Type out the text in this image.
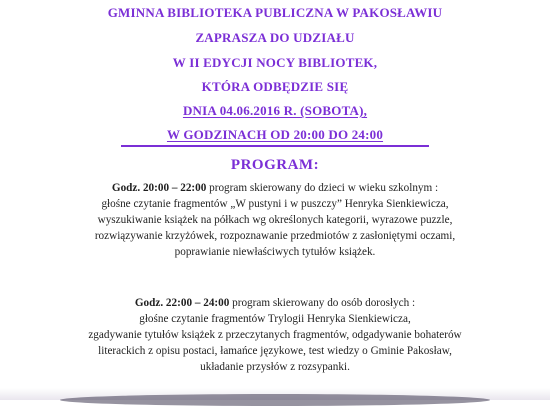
GMINNA BIBLIOTEKA PUBLICZNA W PAKOSŁAWIU
ZAPRASZA DO UDZIAŁU
W II EDYCJI NOCY BIBLIOTEK,
KTÓRA ODBĘDZIE SIĘ
DNIA 04.06.2016 R. (SOBOTA),
W GODZINACH OD 20:00 DO 24:00
PROGRAM:
Godz. 20:00 – 22:00 program skierowany do dzieci w wieku szkolnym :
głośne czytanie fragmentów „W pustyni i w puszczy” Henryka Sienkiewicza,
wyszukiwanie książek na półkach wg określonych kategorii, wyrazowe puzzle,
rozwiązywanie krzyżówek, rozpoznawanie przedmiotów z zasłoniętymi oczami,
poprawianie niewłaściwych tytułów książek.
Godz. 22:00 – 24:00 program skierowany do osób dorosłych :
głośne czytanie fragmentów Trylogii Henryka Sienkiewicza,
zgadywanie tytułów książek z przeczytanych fragmentów, odgadywanie bohaterów
literackich z opisu postaci, łamańce językowe, test wiedzy o Gminie Pakosław,
układanie przysłów z rozsypanki.
